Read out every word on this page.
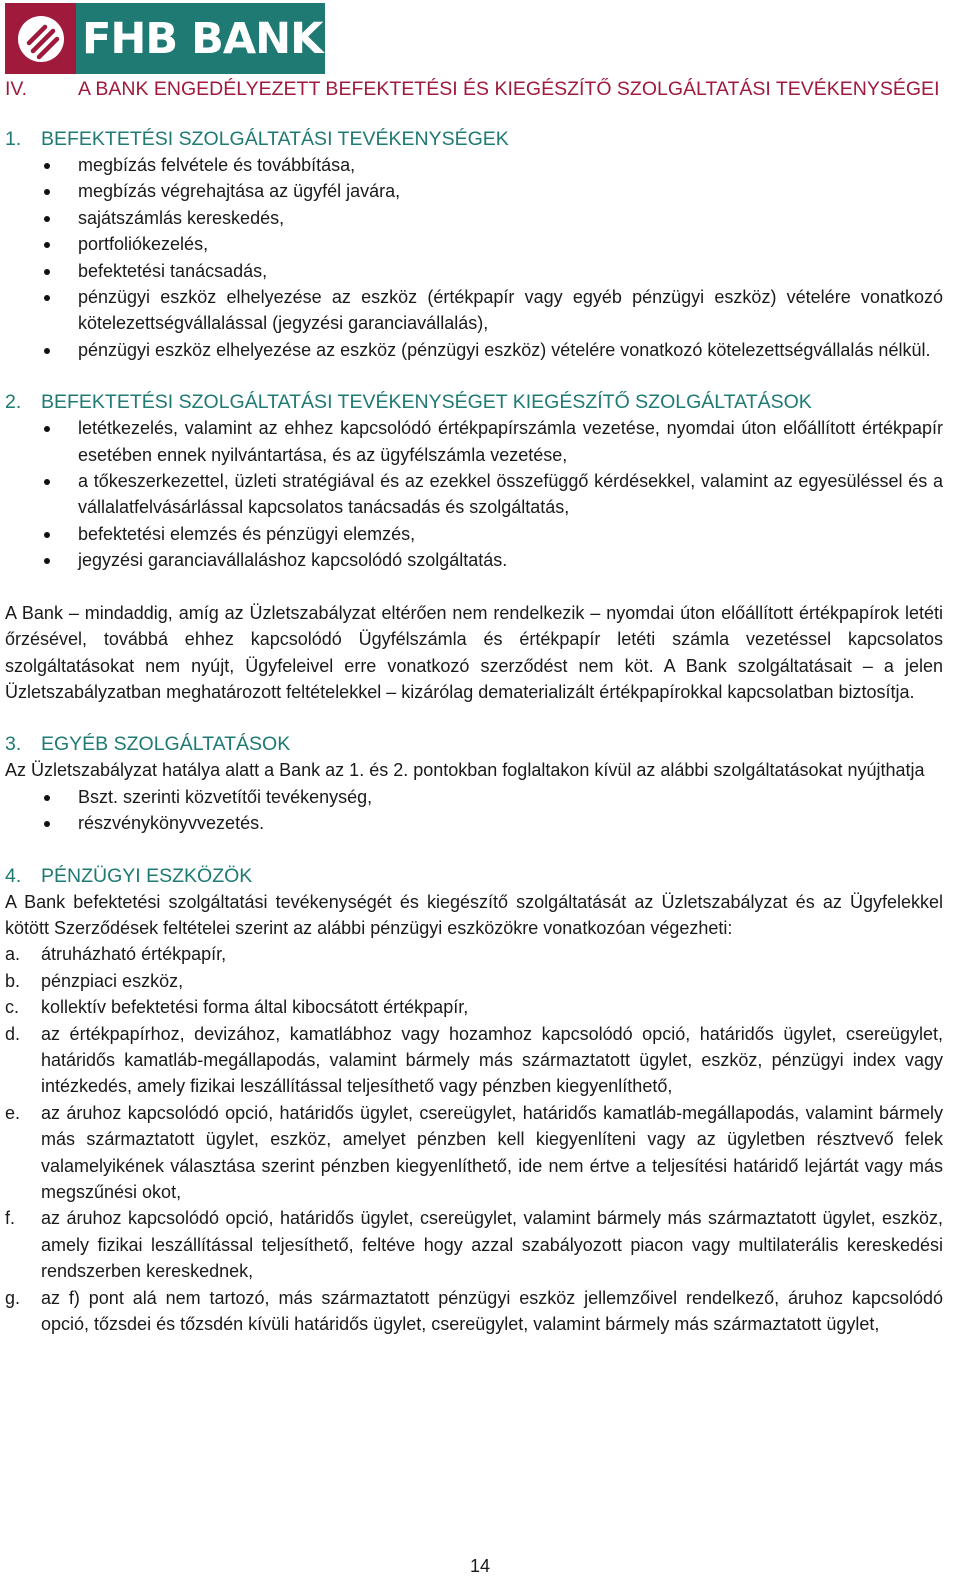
FHB BANK
IV.	A BANK ENGEDÉLYEZETT BEFEKTETÉSI ÉS KIEGÉSZÍTŐ SZOLGÁLTATÁSI TEVÉKENYSÉGEI
1. BEFEKTETÉSI SZOLGÁLTATÁSI TEVÉKENYSÉGEK
megbízás felvétele és továbbítása,
megbízás végrehajtása az ügyfél javára,
sajátszámlás kereskedés,
portfoliókezelés,
befektetési tanácsadás,
pénzügyi eszköz elhelyezése az eszköz (értékpapír vagy egyéb pénzügyi eszköz) vételére vonatkozó kötelezettségvállalással (jegyzési garanciavállalás),
pénzügyi eszköz elhelyezése az eszköz (pénzügyi eszköz) vételére vonatkozó kötelezettségvállalás nélkül.
2. BEFEKTETÉSI SZOLGÁLTATÁSI TEVÉKENYSÉGET KIEGÉSZÍTŐ SZOLGÁLTATÁSOK
letétkezelés, valamint az ehhez kapcsolódó értékpapírszámla vezetése, nyomdai úton előállított értékpapír esetében ennek nyilvántartása, és az ügyfélszámla vezetése,
a tőkeszerkezettel, üzleti stratégiával és az ezekkel összefüggő kérdésekkel, valamint az egyesüléssel és a vállalatfelvásárlással kapcsolatos tanácsadás és szolgáltatás,
befektetési elemzés és pénzügyi elemzés,
jegyzési garanciavállaláshoz kapcsolódó szolgáltatás.

A Bank – mindaddig, amíg az Üzletszabályzat eltérően nem rendelkezik – nyomdai úton előállított értékpapírok letéti őrzésével, továbbá ehhez kapcsolódó Ügyfélszámla és értékpapír letéti számla vezetéssel kapcsolatos szolgáltatásokat nem nyújt, Ügyfeleivel erre vonatkozó szerződést nem köt. A Bank szolgáltatásait – a jelen Üzletszabályzatban meghatározott feltételekkel – kizárólag dematerializált értékpapírokkal kapcsolatban biztosítja.

3. EGYÉB SZOLGÁLTATÁSOK

Az Üzletszabályzat hatálya alatt a Bank az 1. és 2. pontokban foglaltakon kívül az alábbi szolgáltatásokat nyújthatja

Bszt. szerinti közvetítői tevékenység,
részvénykönyvvezetés.
4. PÉNZÜGYI ESZKÖZÖK

A Bank befektetési szolgáltatási tevékenységét és kiegészítő szolgáltatását az Üzletszabályzat és az Ügyfelekkel kötött Szerződések feltételei szerint az alábbi pénzügyi eszközökre vonatkozóan végezheti:

a. átruházható értékpapír,
b. pénzpiaci eszköz,
c. kollektív befektetési forma által kibocsátott értékpapír,
d. az értékpapírhoz, devizához, kamatlábhoz vagy hozamhoz kapcsolódó opció, határidős ügylet, csereügylet, határidős kamatláb-megállapodás, valamint bármely más származtatott ügylet, eszköz, pénzügyi index vagy intézkedés, amely fizikai leszállítással teljesíthető vagy pénzben kiegyenlíthető,
e. az áruhoz kapcsolódó opció, határidős ügylet, csereügylet, határidős kamatláb-megállapodás, valamint bármely más származtatott ügylet, eszköz, amelyet pénzben kell kiegyenlíteni vagy az ügyletben résztvevő felek valamelyikének választása szerint pénzben kiegyenlíthető, ide nem értve a teljesítési határidő lejártát vagy más megszűnési okot,
f. az áruhoz kapcsolódó opció, határidős ügylet, csereügylet, valamint bármely más származtatott ügylet, eszköz, amely fizikai leszállítással teljesíthető, feltéve hogy azzal szabályozott piacon vagy multilaterális kereskedési rendszerben kereskednek,
g. az f) pont alá nem tartozó, más származtatott pénzügyi eszköz jellemzőivel rendelkező, áruhoz kapcsolódó opció, tőzsdei és tőzsdén kívüli határidős ügylet, csereügylet, valamint bármely más származtatott ügylet,
14
